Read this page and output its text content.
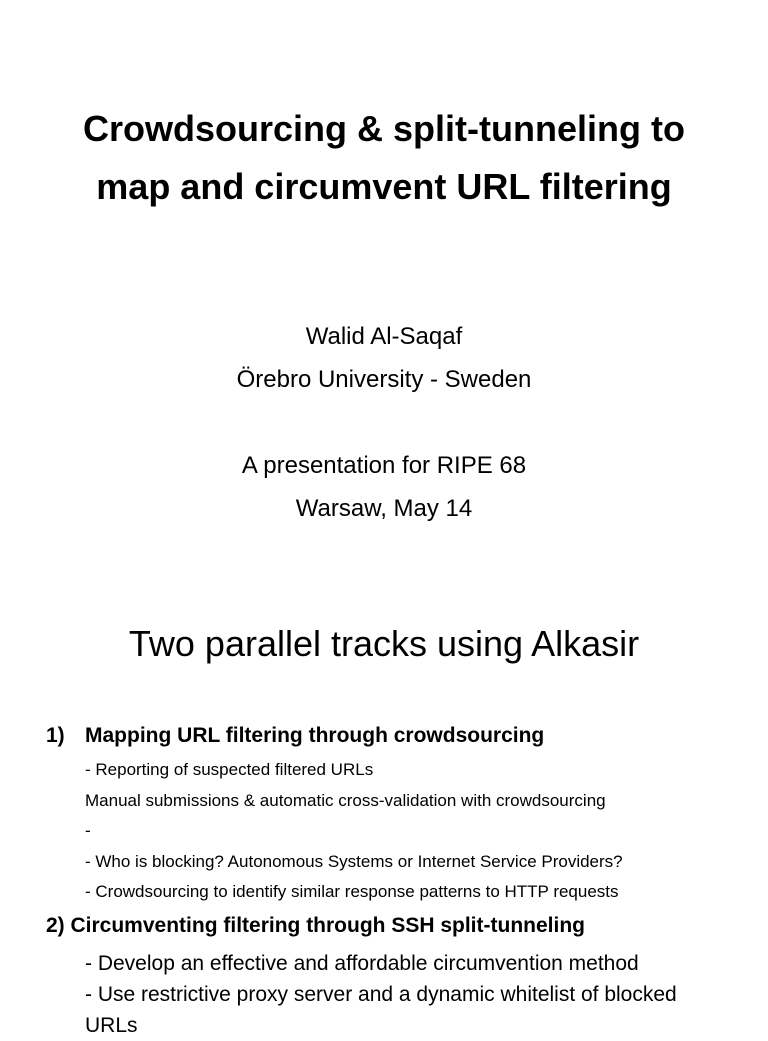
Crowdsourcing & split-tunneling to
map and circumvent URL filtering
Walid Al-Saqaf
Örebro University - Sweden
A presentation for RIPE 68
Warsaw, May 14
Two parallel tracks using Alkasir
1) Mapping URL filtering through crowdsourcing
- Reporting of suspected filtered URLs
Manual submissions & automatic cross-validation with crowdsourcing
-
- Who is blocking? Autonomous Systems or Internet Service Providers?
- Crowdsourcing to identify similar response patterns to HTTP requests
2) Circumventing filtering through SSH split-tunneling
- Develop an effective and affordable circumvention method
- Use restrictive proxy server and a dynamic whitelist of blocked URLs
